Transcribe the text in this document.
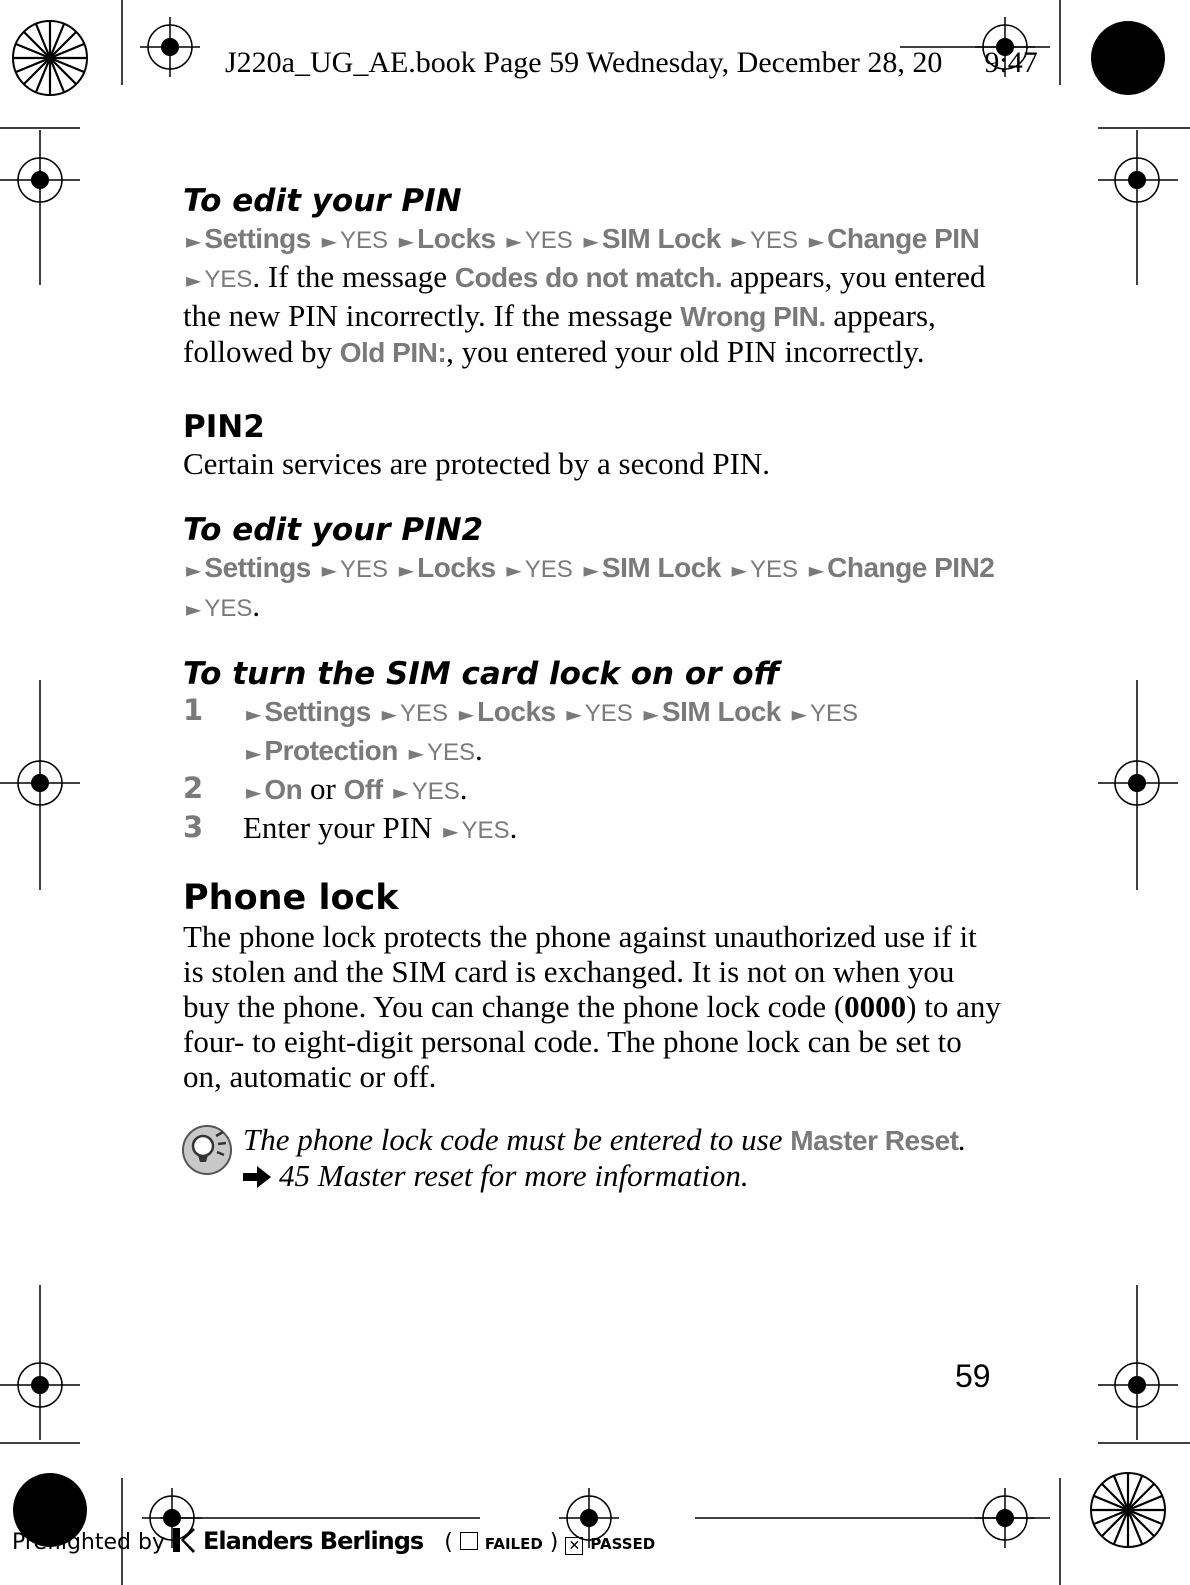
J220a_UG_AE.book Page 59 Wednesday, December 28, 20 9:47
To edit your PIN

► Settings ► YES ► Locks ► YES ► SIM Lock ► YES ► Change PIN ► YES. If the message Codes do not match. appears, you entered the new PIN incorrectly. If the message Wrong PIN. appears, followed by Old PIN:, you entered your old PIN incorrectly.

PIN2

Certain services are protected by a second PIN.

To edit your PIN2

► Settings ► YES ► Locks ► YES ► SIM Lock ► YES ► Change PIN2 ► YES.

To turn the SIM card lock on or off
1 ► Settings ► YES ► Locks ► YES ► SIM Lock ► YES ► Protection ► YES.
2 ► On or Off ► YES.
3 Enter your PIN ► YES.
Phone lock

The phone lock protects the phone against unauthorized use if it is stolen and the SIM card is exchanged. It is not on when you buy the phone. You can change the phone lock code (0000) to any four- to eight-digit personal code. The phone lock can be set to on, automatic or off.

The phone lock code must be entered to use Master Reset.
45 Master reset for more information.
59
Preflighted by Elanders Berlings ( FAILED ) ✕ PASSED
